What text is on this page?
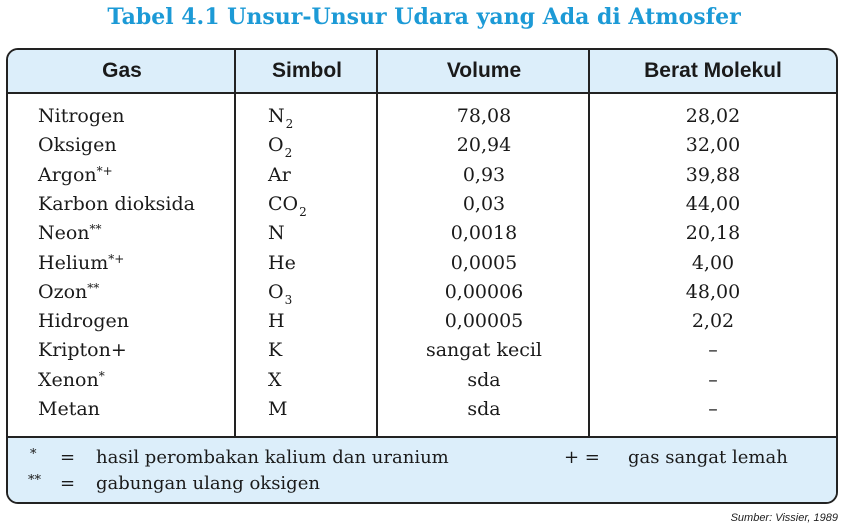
Tabel 4.1 Unsur-Unsur Udara yang Ada di Atmosfer
Gas	Simbol	Volume	Berat Molekul
Nitrogen	$N_2$	78,08	28,02
Oksigen	$O_2$	20,94	32,00
Argon*+	Ar	0,93	39,88
Karbon dioksida	$CO_2$	0,03	44,00
Neon**	N	0,0018	20,18
Helium*+	He	0,0005	4,00
Ozon**	$O_3$	0,00006	48,00
Hidrogen	H	0,00005	2,02
Kripton+	K	sangat kecil	–
Xenon*	X	sda	–
Metan	M	sda	–
* = hasil perombakan kalium dan uranium	+ = gas sangat lemah
** = gabungan ulang oksigen
Sumber: Vissier, 1989
